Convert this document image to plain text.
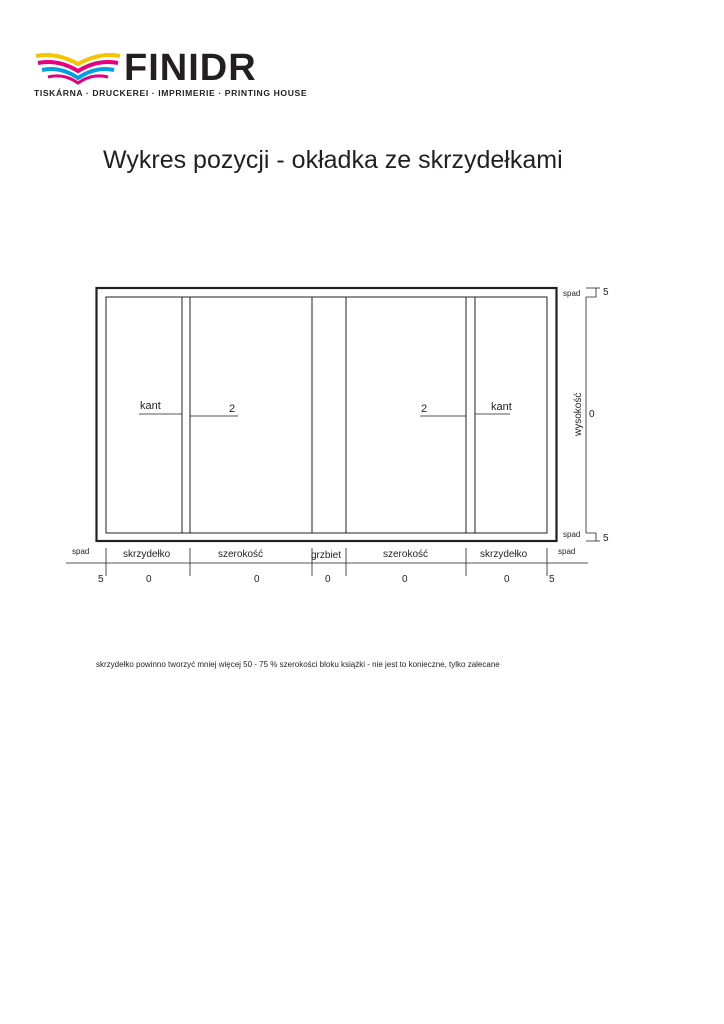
FINIDR
TISKÁRNA · DRUCKEREI · IMPRIMERIE · PRINTING HOUSE
Wykres pozycji - okładka ze skrzydełkami
kant	2	2	kant
spad 5
wysokość 0
spad 5
spad	skrzydełko	szerokość	grzbiet	szerokość	skrzydełko	spad
5	0	0	0	0	0	5
skrzydełko powinno tworzyć mniej więcej 50 - 75 % szerokości bloku książki - nie jest to konieczne, tylko zalecane
